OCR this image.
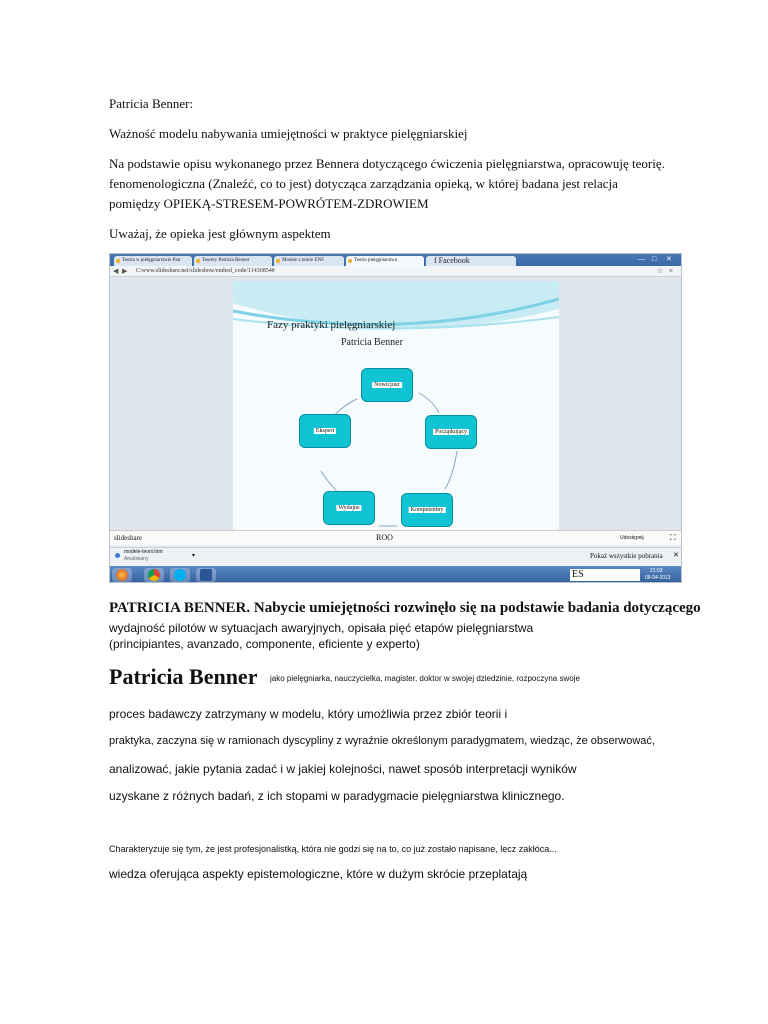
Patricia Benner:
Ważność modelu nabywania umiejętności w praktyce pielęgniarskiej
Na podstawie opisu wykonanego przez Bennera dotyczącego ćwiczenia pielęgniarstwa, opracowuję teorię.
fenomenologiczna (Znaleźć, co to jest) dotycząca zarządzania opieką, w której badana jest relacja
pomiędzy OPIEKĄ-STRESEM-POWRÓTEM-ZDROWIEM
Uważaj, że opieka jest głównym aspektem
Teoria w pielęgniarstwie Patr	Teorety Patricia Benner	Modele z teorie ENF	Teorie pielęgniarstwa	f Facebook	— □ ✕
◀ ▶ C:www.slideshare.net/slideshow/embed_code/11436854#	☆ ≡
Fazy praktyki pielęgniarskiej
Patricia Benner
Nowicjusz
Początkujący
Kompetentny
Wydajne
Ekspert
slideshare	ROO	Udostępnij	⛶
modele-teorii.htm
Anulowany	▾	Pokaż wszystkie pobrania ✕
ES	21:03
08-04-2013
PATRICIA BENNER. Nabycie umiejętności rozwinęło się na podstawie badania dotyczącego
wydajność pilotów w sytuacjach awaryjnych, opisała pięć etapów pielęgniarstwa
(principiantes, avanzado, componente, eficiente y experto)
Patricia Benner jako pielęgniarka, nauczycielka, magister, doktor w swojej dziedzinie, rozpoczyna swoje
proces badawczy zatrzymany w modelu, który umożliwia przez zbiór teorii i
praktyka, zaczyna się w ramionach dyscypliny z wyraźnie określonym paradygmatem, wiedząc, że obserwować,
analizować, jakie pytania zadać i w jakiej kolejności, nawet sposób interpretacji wyników
uzyskane z różnych badań, z ich stopami w paradygmacie pielęgniarstwa klinicznego.
Charakteryzuje się tym, że jest profesjonalistką, która nie godzi się na to, co już zostało napisane, lecz zakłóca...
wiedza oferująca aspekty epistemologiczne, które w dużym skrócie przeplatają
